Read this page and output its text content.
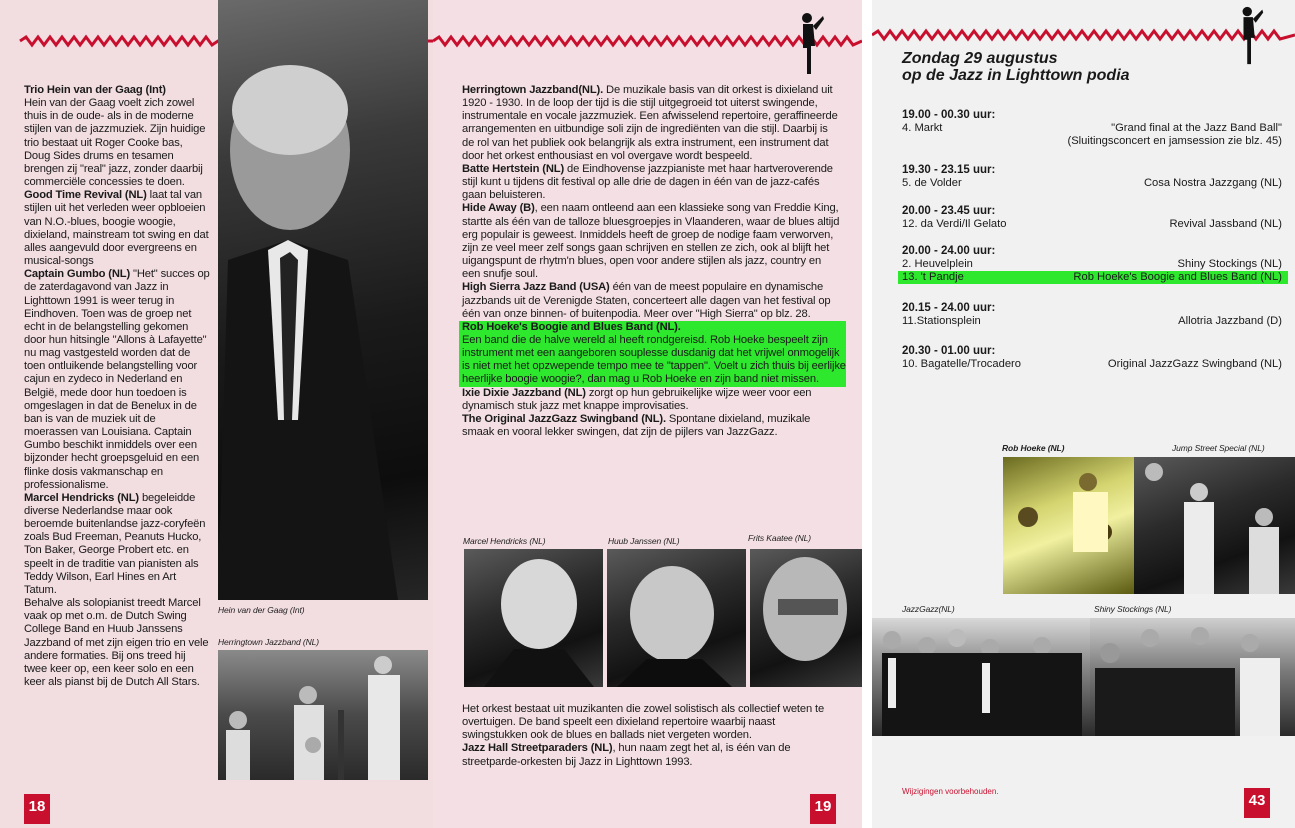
Trio Hein van der Gaag (Int)
Hein van der Gaag voelt zich zowel thuis in de oude- als in de moderne stijlen van de jazzmuziek. Zijn huidige trio bestaat uit Roger Cooke bas, Doug Sides drums en tesamen brengen zij "real" jazz, zonder daarbij commerciële concessies te doen.

Good Time Revival (NL) laat tal van stijlen uit het verleden weer opbloeien van N.O.-blues, boogie woogie, dixieland, mainstream tot swing en dat alles aangevuld door evergreens en musical-songs

Captain Gumbo (NL) "Het" succes op de zaterdagavond van Jazz in Lighttown 1991 is weer terug in Eindhoven. Toen was de groep net echt in de belangstelling gekomen door hun hitsingle "Allons à Lafayette" nu mag vastgesteld worden dat de toen ontluikende belangstelling voor cajun en zydeco in Nederland en België, mede door hun toedoen is omgeslagen in dat de Benelux in de ban is van de muziek uit de moerassen van Louisiana. Captain Gumbo beschikt inmiddels over een bijzonder hecht groepsgeluid en een flinke dosis vakmanschap en professionalisme.

Marcel Hendricks (NL) begeleidde diverse Nederlandse maar ook beroemde buitenlandse jazz-coryfeën zoals Bud Freeman, Peanuts Hucko, Ton Baker, George Probert etc. en speelt in de traditie van pianisten als Teddy Wilson, Earl Hines en Art Tatum.

Behalve als solopianist treedt Marcel vaak op met o.m. de Dutch Swing College Band en Huub Janssens Jazzband of met zijn eigen trio en vele andere formaties. Bij ons treed hij twee keer op, een keer solo en een keer als pianst bij de Dutch All Stars.

Hein van der Gaag (Int)
Herringtown Jazzband (NL)
18

Herringtown Jazzband(NL). De muzikale basis van dit orkest is dixieland uit 1920 - 1930. In de loop der tijd is die stijl uitgegroeid tot uiterst swingende, instrumentale en vocale jazzmuziek. Een afwisselend repertoire, geraffineerde arrangementen en uitbundige soli zijn de ingrediënten van die stijl. Daarbij is de rol van het publiek ook belangrijk als extra instrument, een instrument dat door het orkest enthousiast en vol overgave wordt bespeeld.

Batte Hertstein (NL) de Eindhovense jazzpianiste met haar hartveroverende stijl kunt u tijdens dit festival op alle drie de dagen in één van de jazz-cafés gaan beluisteren.

Hide Away (B), een naam ontleend aan een klassieke song van Freddie King, startte als één van de talloze bluesgroepjes in Vlaanderen, waar de blues altijd erg populair is geweest. Inmiddels heeft de groep de nodige faam verworven, zijn ze veel meer zelf songs gaan schrijven en stellen ze zich, ook al blijft het uigangspunt de rhytm'n blues, open voor andere stijlen als jazz, country en een snufje soul.

High Sierra Jazz Band (USA) één van de meest populaire en dynamische jazzbands uit de Verenigde Staten, concerteert alle dagen van het festival op één van onze binnen- of buitenpodia. Meer over "High Sierra" op blz. 28.

Rob Hoeke's Boogie and Blues Band (NL).
Een band die de halve wereld al heeft rondgereisd. Rob Hoeke bespeelt zijn instrument met een aangeboren souplesse dusdanig dat het vrijwel onmogelijk is niet met het opzwepende tempo mee te "tappen". Voelt u zich thuis bij eerlijke heerlijke boogie woogie?, dan mag u Rob Hoeke en zijn band niet missen.

Ixie Dixie Jazzband (NL) zorgt op hun gebruikelijke wijze weer voor een dynamisch stuk jazz met knappe improvisaties.

The Original JazzGazz Swingband (NL). Spontane dixieland, muzikale smaak en vooral lekker swingen, dat zijn de pijlers van JazzGazz.

Marcel Hendricks (NL)	Huub Janssen (NL)	Frits Kaatee (NL)

Het orkest bestaat uit muzikanten die zowel solistisch als collectief weten te overtuigen. De band speelt een dixieland repertoire waarbij naast swingstukken ook de blues en ballads niet vergeten worden.

Jazz Hall Streetparaders (NL), hun naam zegt het al, is één van de streetparde-orkesten bij Jazz in Lighttown 1993.

19
Zondag 29 augustus
op de Jazz in Lighttown podia
19.00 - 00.30 uur:
4. Markt	"Grand final at the Jazz Band Ball"
(Sluitingsconcert en jamsession zie blz. 45)
19.30 - 23.15 uur:
5. de Volder	Cosa Nostra Jazzgang (NL)
20.00 - 23.45 uur:
12. da Verdi/Il Gelato	Revival Jassband (NL)
20.00 - 24.00 uur:
2. Heuvelplein	Shiny Stockings (NL)
13. 't Pandje	Rob Hoeke's Boogie and Blues Band (NL)
20.15 - 24.00 uur:
11.Stationsplein	Allotria Jazzband (D)
20.30 - 01.00 uur:
10. Bagatelle/Trocadero	Original JazzGazz Swingband (NL)
Rob Hoeke (NL)	Jump Street Special (NL)
JazzGazz(NL)	Shiny Stockings (NL)
Wijzigingen voorbehouden.
43
